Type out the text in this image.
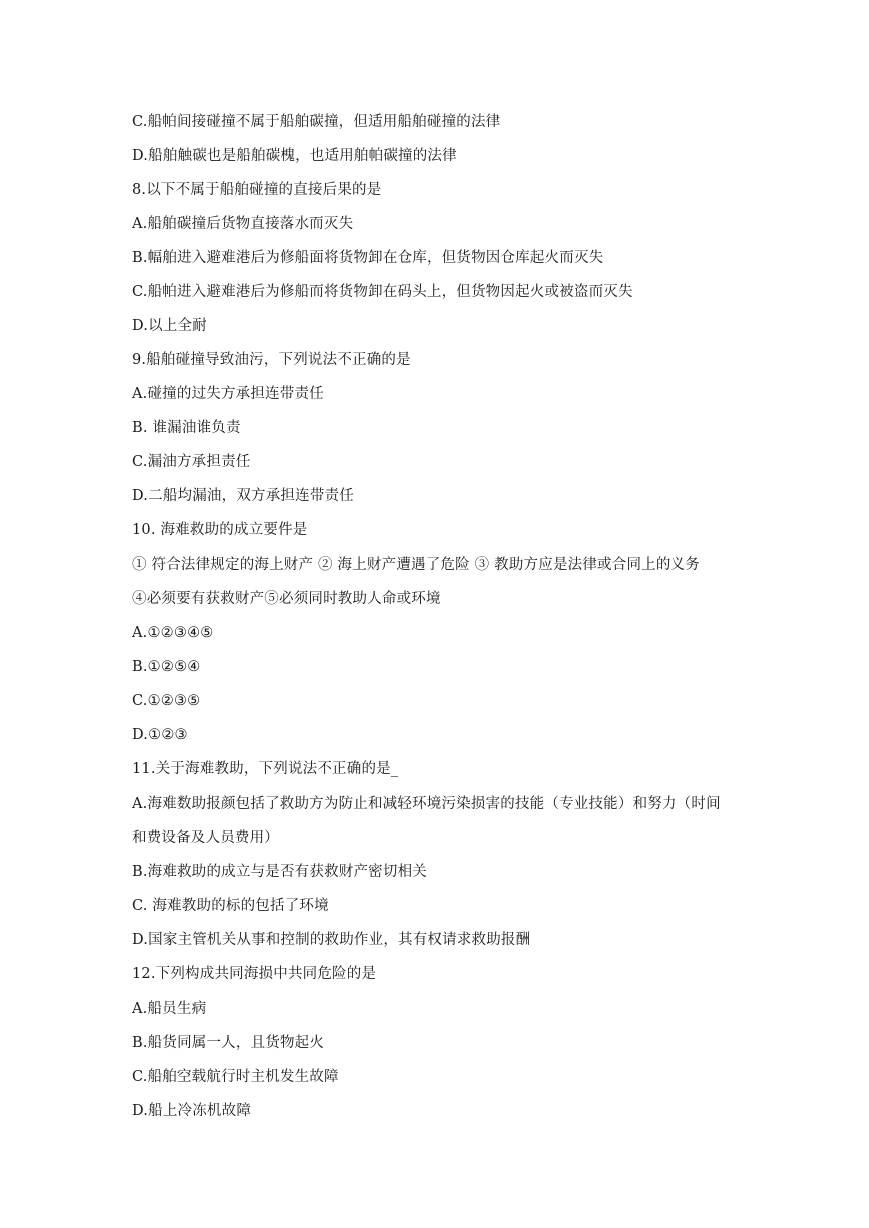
C.船帕间接碰撞不属于船舶碳撞，但适用船舶碰撞的法律
D.船舶触碳也是船舶碳槐，也适用舶帕碳撞的法律
8.以下不属于船舶碰撞的直接后果的是
A.船舶碳撞后货物直接落水而灭失
B.幅舶进入避难港后为修船面将货物卸在仓库，但货物因仓库起火而灭失
C.船帕进入避难港后为修船而将货物卸在码头上，但货物因起火或被盗而灭失
D.以上全耐
9.船舶碰撞导致油污，下列说法不正确的是
A.碰撞的过失方承担连带责任
B. 谁漏油谁负责
C.漏油方承担责任
D.二船均漏油，双方承担连带责任
10. 海难救助的成立要件是
① 符合法律规定的海上财产 ② 海上财产遭遇了危险 ③ 教助方应是法律或合同上的义务
④必须要有获救财产⑤必须同时教助人命或环境
A.①②③④⑤
B.①②⑤④
C.①②③⑤
D.①②③
11.关于海难教助，下列说法不正确的是_
A.海难数助报颜包括了救助方为防止和减轻环境污染损害的技能（专业技能）和努力（时间
和费设备及人员费用）
B.海难救助的成立与是否有获救财产密切相关
C. 海难教助的标的包括了环境
D.国家主管机关从事和控制的救助作业，其有权请求救助报酬
12.下列构成共同海损中共同危险的是
A.船员生病
B.船货同属一人，且货物起火
C.船舶空载航行时主机发生故障
D.船上冷冻机故障
